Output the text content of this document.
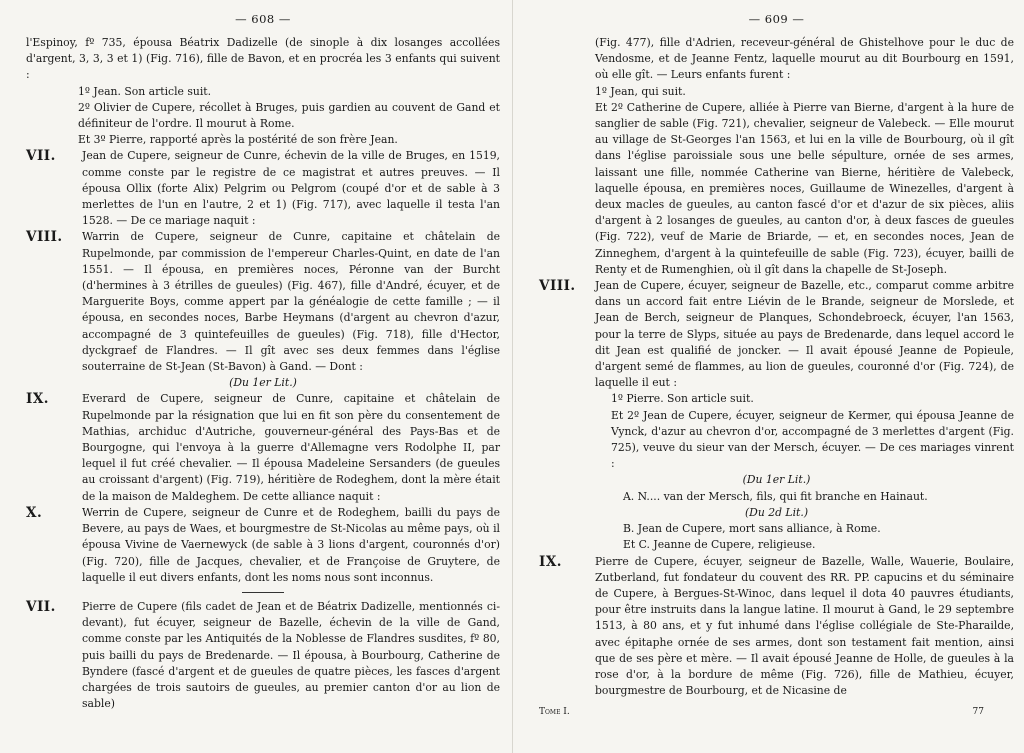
— 608 —

l'Espinoy, fº 735, épousa Béatrix Dadizelle (de sinople à dix losanges accollées d'argent, 3, 3, 3 et 1) (Fig. 716), fille de Bavon, et en procréa les 3 enfants qui suivent :

1º Jean. Son article suit.

2º Olivier de Cupere, récollet à Bruges, puis gardien au couvent de Gand et définiteur de l'ordre. Il mourut à Rome.

Et 3º Pierre, rapporté après la postérité de son frère Jean.

VII. Jean de Cupere, seigneur de Cunre, échevin de la ville de Bruges, en 1519, comme conste par le registre de ce magistrat et autres preuves. — Il épousa Ollix (forte Alix) Pelgrim ou Pelgrom (coupé d'or et de sable à 3 merlettes de l'un en l'autre, 2 et 1) (Fig. 717), avec laquelle il testa l'an 1528. — De ce mariage naquit :

VIII. Warrin de Cupere, seigneur de Cunre, capitaine et châtelain de Rupelmonde, par commission de l'empereur Charles-Quint, en date de l'an 1551. — Il épousa, en premières noces, Péronne van der Burcht (d'hermines à 3 étrilles de gueules) (Fig. 467), fille d'André, écuyer, et de Marguerite Boys, comme appert par la généalogie de cette famille ; — il épousa, en secondes noces, Barbe Heymans (d'argent au chevron d'azur, accompagné de 3 quintefeuilles de gueules) (Fig. 718), fille d'Hector, dyckgraef de Flandres. — Il gît avec ses deux femmes dans l'église souterraine de St-Jean (St-Bavon) à Gand. — Dont :

(Du 1er Lit.)

IX.	Everard de Cupere, seigneur de Cunre, capitaine et châtelain de Rupelmonde par la résignation que lui en fit son père du consentement de Mathias, archiduc d'Autriche, gouverneur-général des Pays-Bas et de Bourgogne, qui l'envoya à la guerre d'Allemagne vers Rodolphe II, par lequel il fut créé chevalier. — Il épousa Madeleine Sersanders (de gueules au croissant d'argent) (Fig. 719), héritière de Rodeghem, dont la mère était de la maison de Maldeghem. De cette alliance naquit :

X.	Werrin de Cupere, seigneur de Cunre et de Rodeghem, bailli du pays de Bevere, au pays de Waes, et bourgmestre de St-Nicolas au même pays, où il épousa Vivine de Vaernewyck (de sable à 3 lions d'argent, couronnés d'or) (Fig. 720), fille de Jacques, chevalier, et de Françoise de Gruytere, de laquelle il eut divers enfants, dont les noms nous sont inconnus.

VII. Pierre de Cupere (fils cadet de Jean et de Béatrix Dadizelle, mentionnés ci-devant), fut écuyer, seigneur de Bazelle, échevin de la ville de Gand, comme conste par les Antiquités de la Noblesse de Flandres susdites, fº 80, puis bailli du pays de Bredenarde. — Il épousa, à Bourbourg, Catherine de Byndere (fascé d'argent et de gueules de quatre pièces, les fasces d'argent chargées de trois sautoirs de gueules, au premier canton d'or au lion de sable)

— 609 —

(Fig. 477), fille d'Adrien, receveur-général de Ghistelhove pour le duc de Vendosme, et de Jeanne Fentz, laquelle mourut au dit Bourbourg en 1591, où elle gît. — Leurs enfants furent :

1º Jean, qui suit.

Et 2º Catherine de Cupere, alliée à Pierre van Bierne, d'argent à la hure de sanglier de sable (Fig. 721), chevalier, seigneur de Valebeck. — Elle mourut au village de St-Georges l'an 1563, et lui en la ville de Bourbourg, où il gît dans l'église paroissiale sous une belle sépulture, ornée de ses armes, laissant une fille, nommée Catherine van Bierne, héritière de Valebeck, laquelle épousa, en premières noces, Guillaume de Winezelles, d'argent à deux macles de gueules, au canton fascé d'or et d'azur de six pièces, aliis d'argent à 2 losanges de gueules, au canton d'or, à deux fasces de gueules (Fig. 722), veuf de Marie de Briarde, — et, en secondes noces, Jean de Zinneghem, d'argent à la quintefeuille de sable (Fig. 723), écuyer, bailli de Renty et de Rumenghien, où il gît dans la chapelle de St-Joseph.

VIII. Jean de Cupere, écuyer, seigneur de Bazelle, etc., comparut comme arbitre dans un accord fait entre Liévin de le Brande, seigneur de Morslede, et Jean de Berch, seigneur de Planques, Schondebroeck, écuyer, l'an 1563, pour la terre de Slyps, située au pays de Bredenarde, dans lequel accord le dit Jean est qualifié de joncker. — Il avait épousé Jeanne de Popieule, d'argent semé de flammes, au lion de gueules, couronné d'or (Fig. 724), de laquelle il eut :

1º Pierre. Son article suit.

Et 2º Jean de Cupere, écuyer, seigneur de Kermer, qui épousa Jeanne de Vynck, d'azur au chevron d'or, accompagné de 3 merlettes d'argent (Fig. 725), veuve du sieur van der Mersch, écuyer. — De ces mariages vinrent :

(Du 1er Lit.)

A. N.... van der Mersch, fils, qui fit branche en Hainaut.

(Du 2d Lit.)

B. Jean de Cupere, mort sans alliance, à Rome.

Et C. Jeanne de Cupere, religieuse.

IX.	Pierre de Cupere, écuyer, seigneur de Bazelle, Walle, Wauerie, Boulaire, Zutberland, fut fondateur du couvent des RR. PP. capucins et du séminaire de Cupere, à Bergues-St-Winoc, dans lequel il dota 40 pauvres étudiants, pour être instruits dans la langue latine. Il mourut à Gand, le 29 septembre 1513, à 80 ans, et y fut inhumé dans l'église collégiale de Ste-Pharailde, avec épitaphe ornée de ses armes, dont son testament fait mention, ainsi que de ses père et mère. — Il avait épousé Jeanne de Holle, de gueules à la rose d'or, à la bordure de même (Fig. 726), fille de Mathieu, écuyer, bourgmestre de Bourbourg, et de Nicasine de

Tome I.	77
